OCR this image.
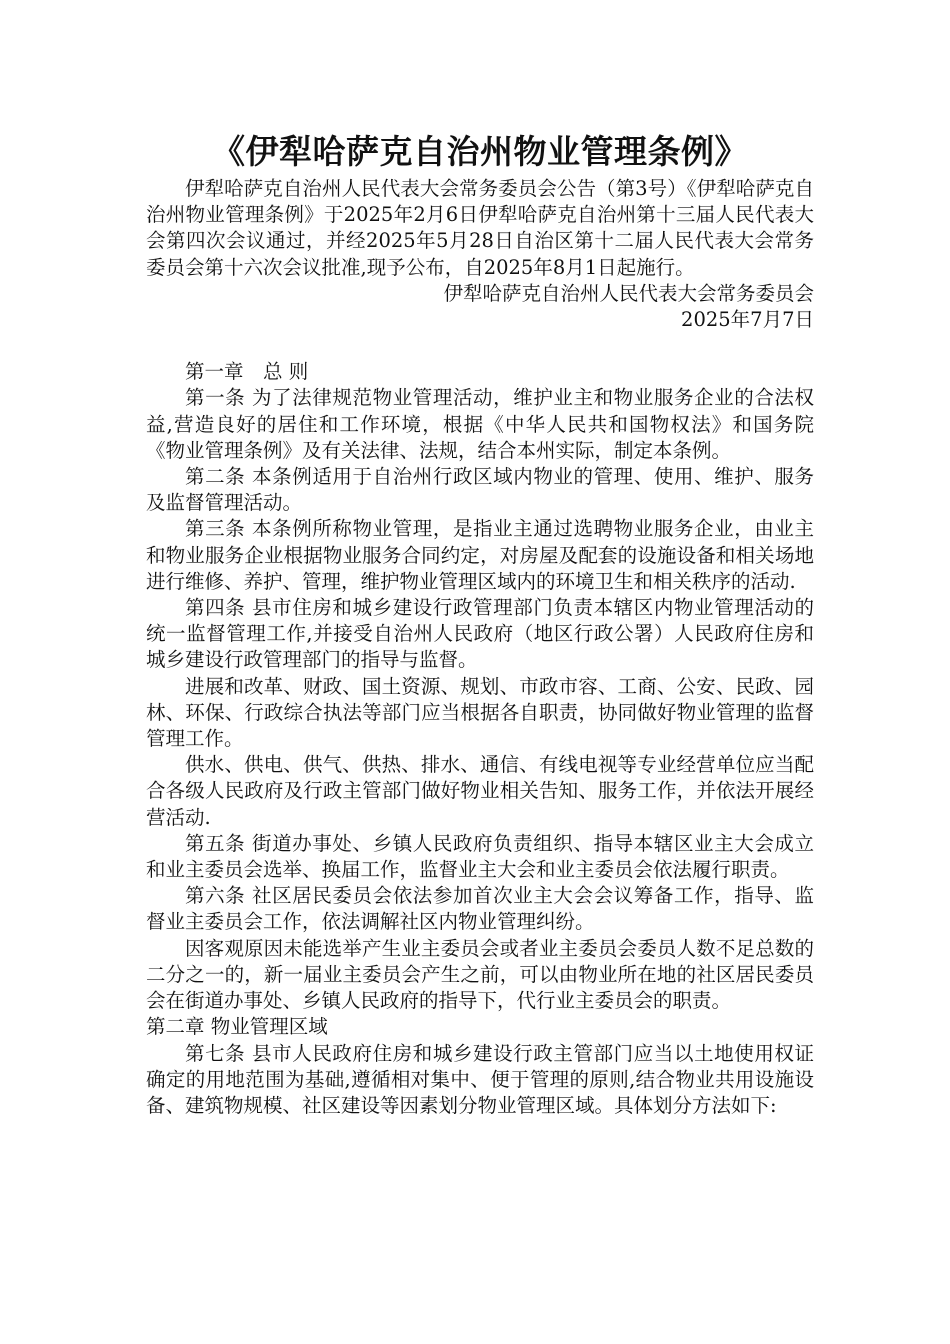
《伊犁哈萨克自治州物业管理条例》

伊犁哈萨克自治州人民代表大会常务委员会公告（第3号）《伊犁哈萨克自治州物业管理条例》于2025年2月6日伊犁哈萨克自治州第十三届人民代表大会第四次会议通过，并经2025年5月28日自治区第十二届人民代表大会常务委员会第十六次会议批准,现予公布，自2025年8月1日起施行。

伊犁哈萨克自治州人民代表大会常务委员会

2025年7月7日

第一章　总 则

第一条 为了法律规范物业管理活动，维护业主和物业服务企业的合法权益,营造良好的居住和工作环境，根据《中华人民共和国物权法》和国务院《物业管理条例》及有关法律、法规，结合本州实际，制定本条例。

第二条 本条例适用于自治州行政区域内物业的管理、使用、维护、服务及监督管理活动。

第三条 本条例所称物业管理，是指业主通过选聘物业服务企业，由业主和物业服务企业根据物业服务合同约定，对房屋及配套的设施设备和相关场地进行维修、养护、管理，维护物业管理区域内的环境卫生和相关秩序的活动.

第四条 县市住房和城乡建设行政管理部门负责本辖区内物业管理活动的统一监督管理工作,并接受自治州人民政府（地区行政公署）人民政府住房和城乡建设行政管理部门的指导与监督。

进展和改革、财政、国土资源、规划、市政市容、工商、公安、民政、园林、环保、行政综合执法等部门应当根据各自职责，协同做好物业管理的监督管理工作。

供水、供电、供气、供热、排水、通信、有线电视等专业经营单位应当配合各级人民政府及行政主管部门做好物业相关告知、服务工作，并依法开展经营活动.

第五条 街道办事处、乡镇人民政府负责组织、指导本辖区业主大会成立和业主委员会选举、换届工作，监督业主大会和业主委员会依法履行职责。

第六条 社区居民委员会依法参加首次业主大会会议筹备工作，指导、监督业主委员会工作，依法调解社区内物业管理纠纷。

因客观原因未能选举产生业主委员会或者业主委员会委员人数不足总数的二分之一的，新一届业主委员会产生之前，可以由物业所在地的社区居民委员会在街道办事处、乡镇人民政府的指导下，代行业主委员会的职责。

第二章 物业管理区域

第七条 县市人民政府住房和城乡建设行政主管部门应当以土地使用权证确定的用地范围为基础,遵循相对集中、便于管理的原则,结合物业共用设施设备、建筑物规模、社区建设等因素划分物业管理区域。具体划分方法如下:
